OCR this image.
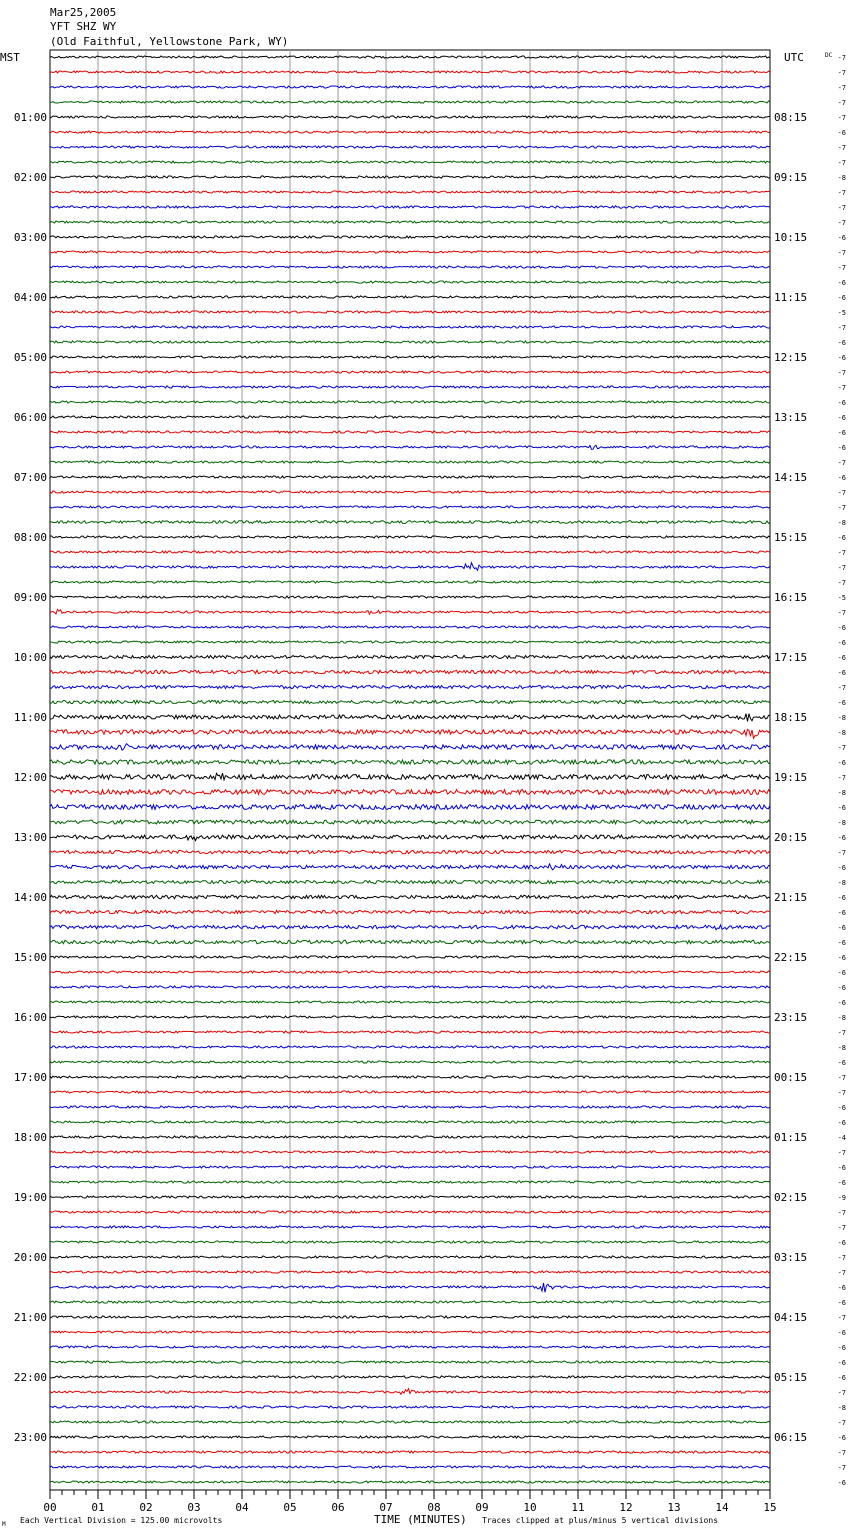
Mar25,2005
YFT SHZ WY
(Old Faithful, Yellowstone Park, WY)
MST	UTC	DC
01:00
02:00
03:00
04:00
05:00
06:00
07:00
08:00
09:00
10:00
11:00
12:00
13:00
14:00
15:00
16:00
17:00
18:00
19:00
20:00
21:00
22:00
23:00
08:15
09:15
10:15
11:15
12:15
13:15
14:15
15:15
16:15
17:15
18:15
19:15
20:15
21:15
22:15
23:15
00:15
01:15
02:15
03:15
04:15
05:15
06:15
-7
-7
-7
-7
-7
-6
-7
-7
-8
-7
-7
-7
-6
-7
-7
-6
-6
-5
-7
-6
-6
-7
-7
-6
-6
-6
-6
-7
-6
-7
-7
-8
-6
-7
-7
-7
-5
-7
-6
-6
-6
-6
-7
-6
-8
-8
-7
-6
-7
-8
-6
-8
-6
-7
-6
-8
-6
-6
-6
-6
-6
-6
-6
-6
-8
-7
-8
-6
-7
-7
-6
-6
-4
-7
-6
-6
-9
-7
-7
-6
-7
-7
-6
-6
-7
-6
-6
-6
-6
-7
-8
-7
-6
-7
-7
-6
00	01	02	03	04	05	06	07	08	09	10	11	12	13	14	15
M Each Vertical Division = 125.00 microvolts	TIME (MINUTES) Traces clipped at plus/minus 5 vertical divisions
